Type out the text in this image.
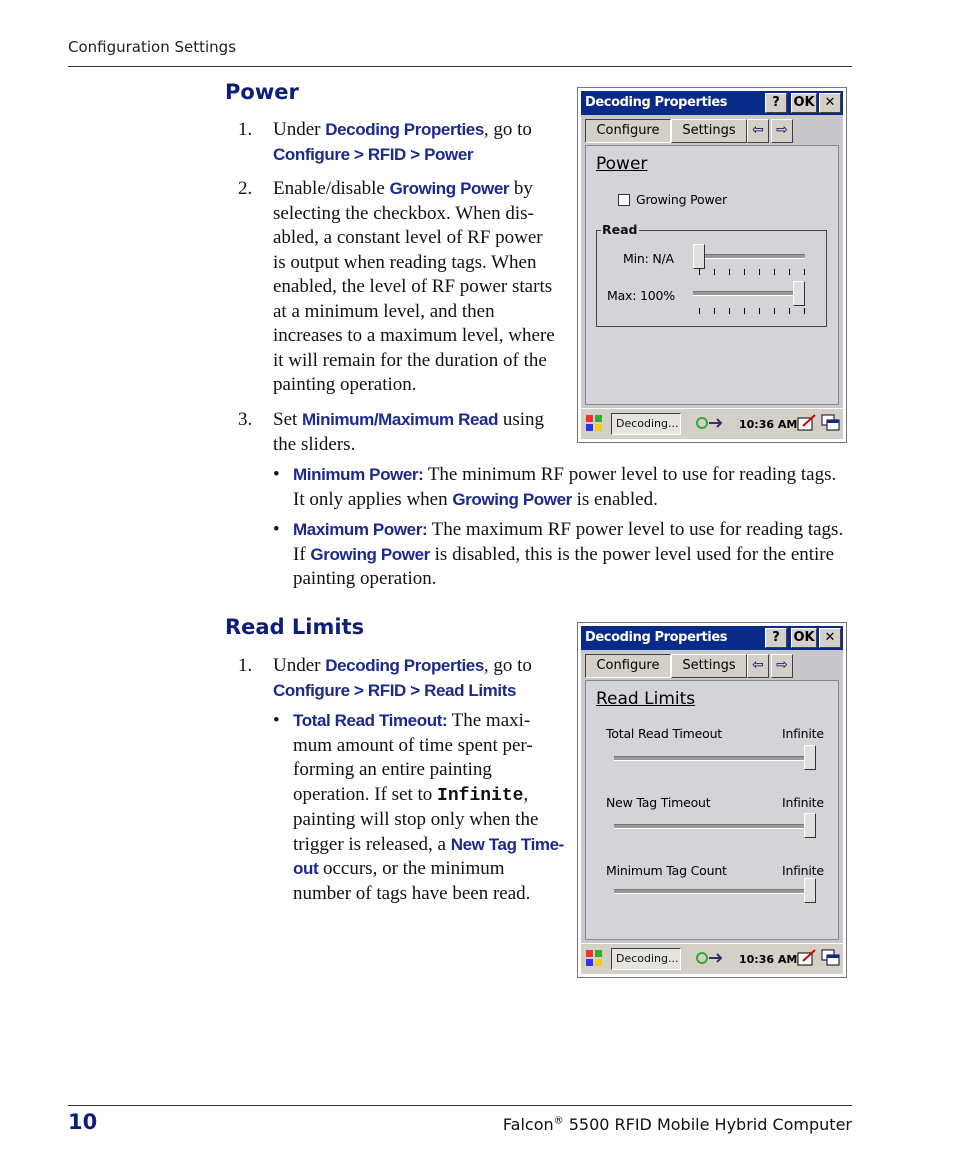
Configuration Settings
Power
1. Under Decoding Properties, go to
Configure > RFID > Power
2. Enable/disable Growing Power by
selecting the checkbox. When dis-
abled, a constant level of RF power
is output when reading tags. When
enabled, the level of RF power starts
at a minimum level, and then
increases to a maximum level, where
it will remain for the duration of the
painting operation.
3. Set Minimum/Maximum Read using
the sliders.
• Minimum Power: The minimum RF power level to use for reading tags.
It only applies when Growing Power is enabled.
• Maximum Power: The maximum RF power level to use for reading tags.
If Growing Power is disabled, this is the power level used for the entire
painting operation.
Decoding Properties	?	OK ✕
Configure	Settings	⇦ ⇨
Power
Growing Power
Read
Min: N/A
Max: 100%
Decoding...	10:36 AM
Read Limits
1. Under Decoding Properties, go to
Configure > RFID > Read Limits
• Total Read Timeout: The maxi-
mum amount of time spent per-
forming an entire painting
operation. If set to Infinite,
painting will stop only when the
trigger is released, a New Tag Time-
out occurs, or the minimum
number of tags have been read.
Decoding Properties	?	OK ✕
Configure	Settings	⇦ ⇨
Read Limits
Total Read Timeout	Infinite
New Tag Timeout	Infinite
Minimum Tag Count	Infinite
Decoding...	10:36 AM
10	Falcon® 5500 RFID Mobile Hybrid Computer
